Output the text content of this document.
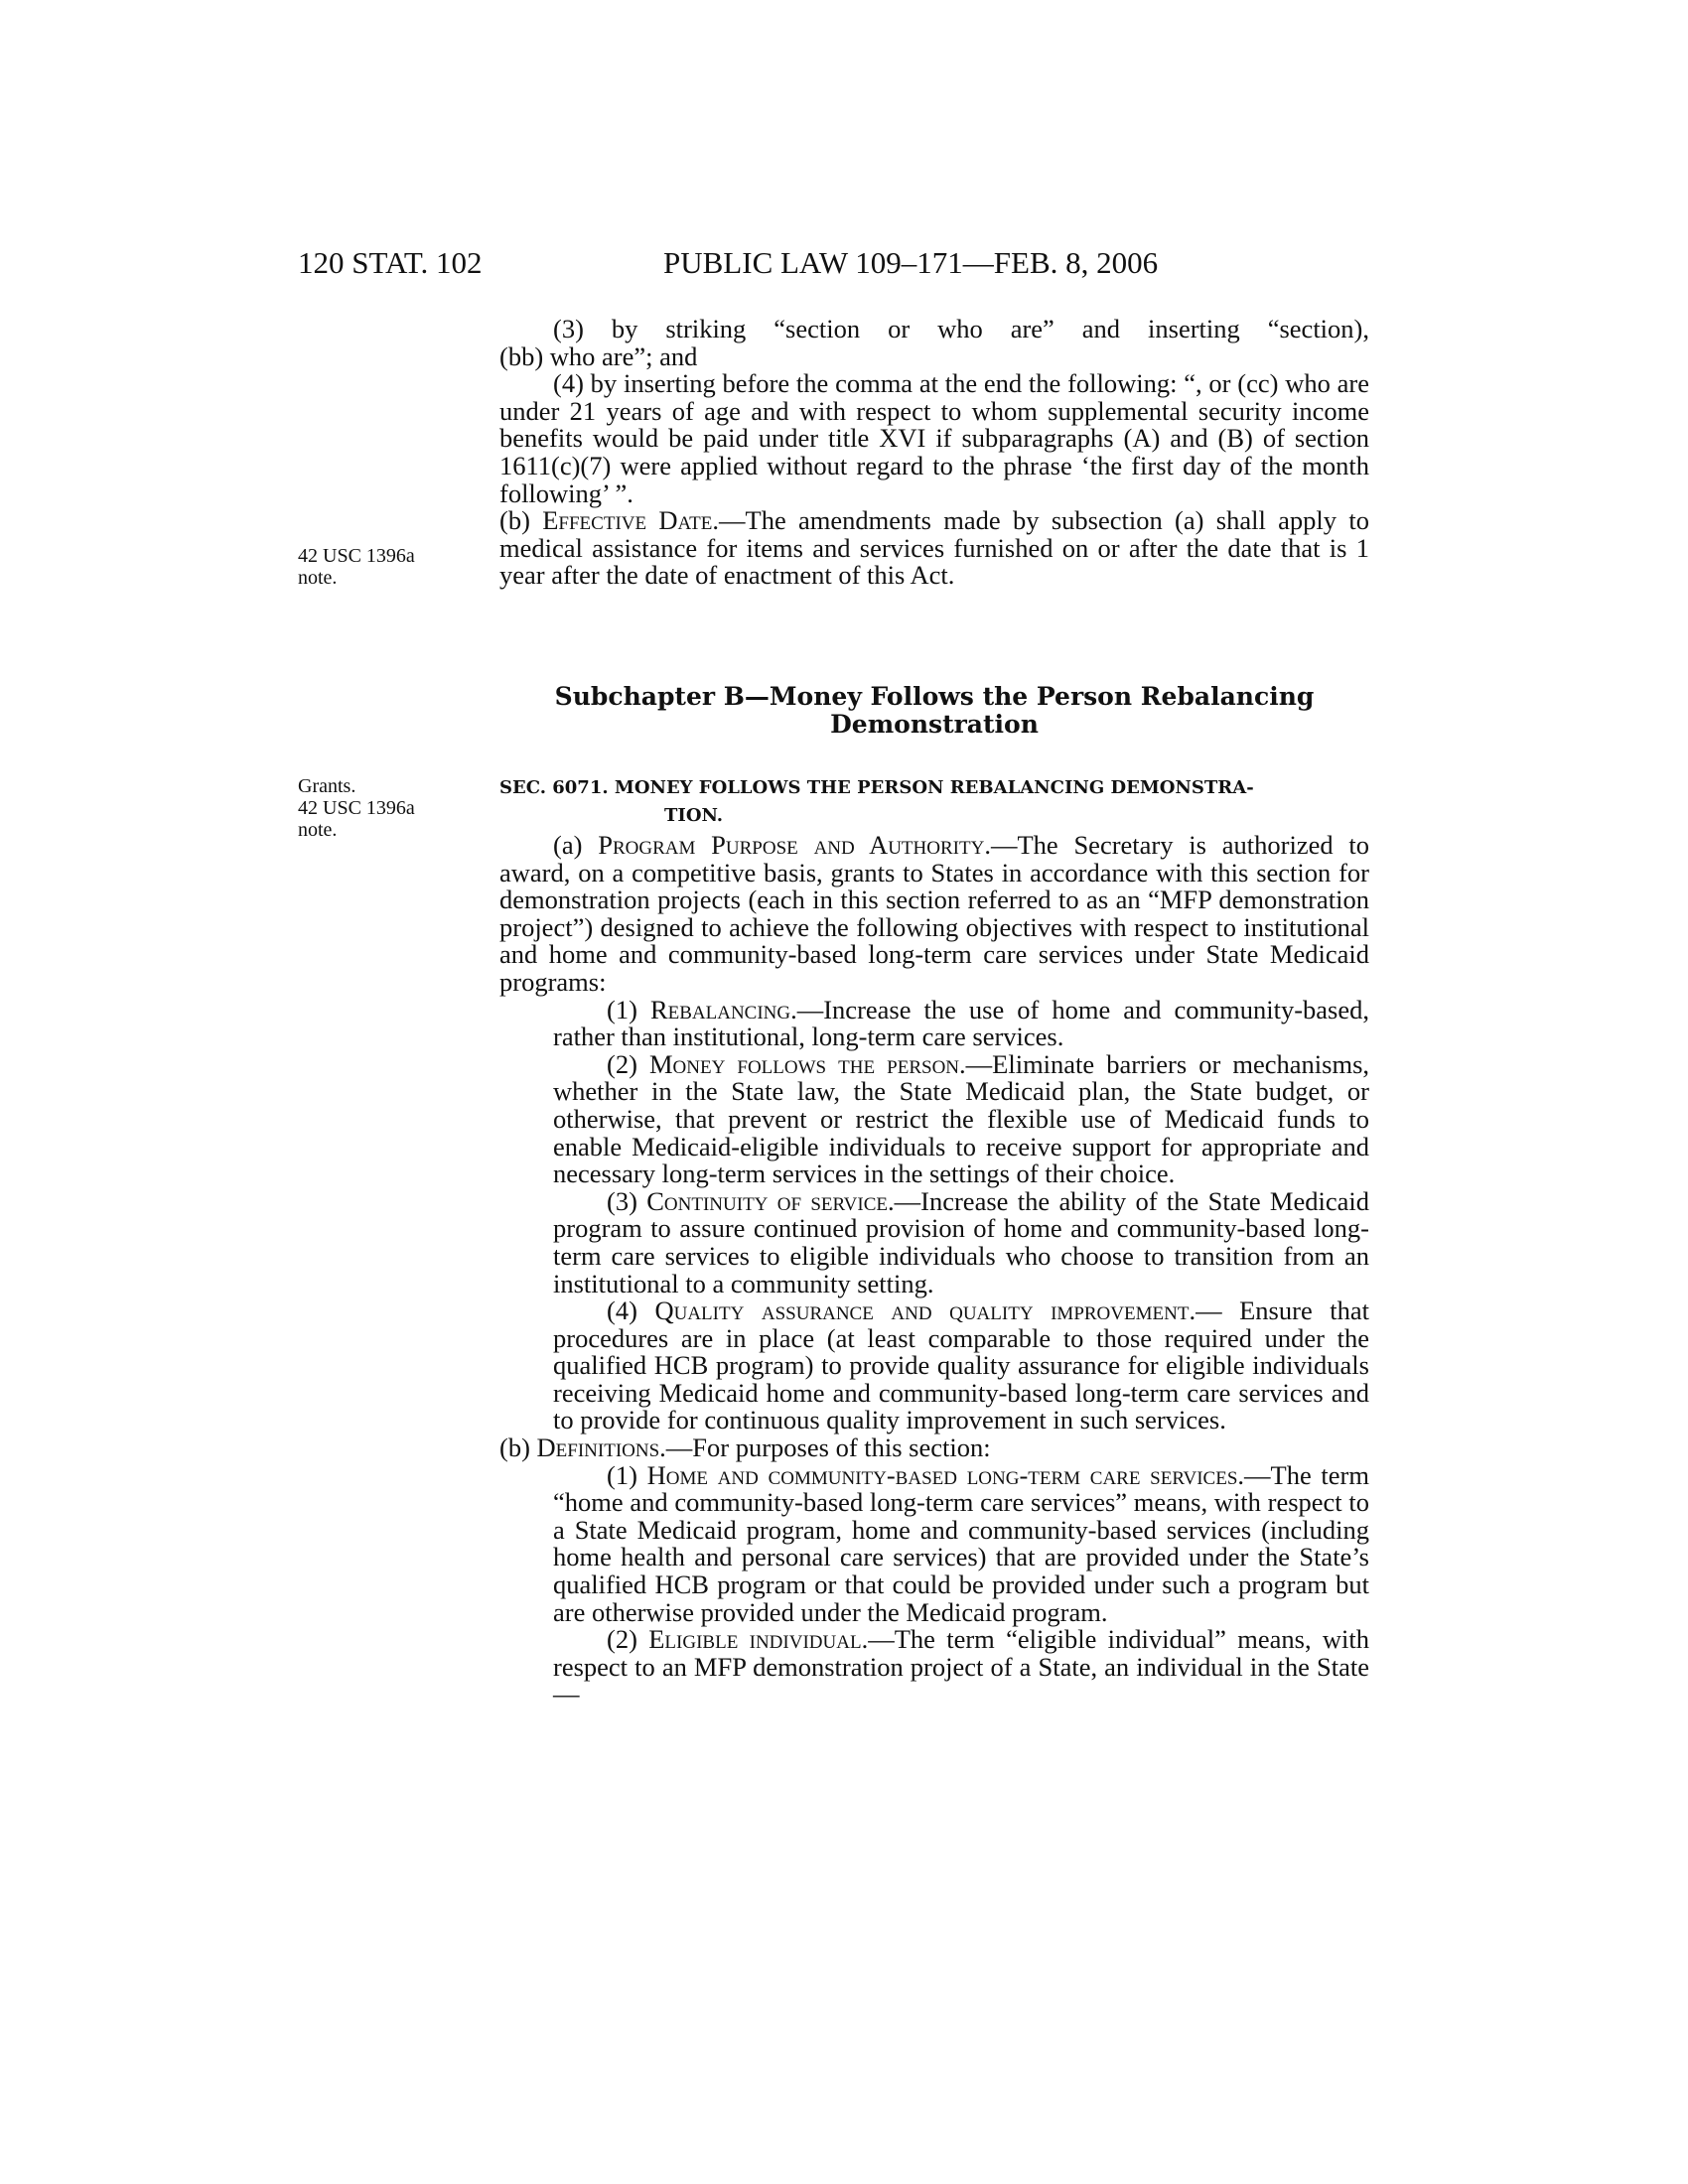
120 STAT. 102	PUBLIC LAW 109–171—FEB. 8, 2006
42 USC 1396a
note.
Grants.
42 USC 1396a
note.

(3) by striking “section or who are” and inserting “section),

(bb) who are”; and

(4) by inserting before the comma at the end the following: “, or (cc) who are under 21 years of age and with respect to whom supplemental security income benefits would be paid under title XVI if subparagraphs (A) and (B) of section 1611(c)(7) were applied without regard to the phrase ‘the first day of the month following’ ”.

(b) Effective Date.—The amendments made by subsection (a) shall apply to medical assistance for items and services furnished on or after the date that is 1 year after the date of enactment of this Act.

Subchapter B—Money Follows the Person Rebalancing
Demonstration
SEC. 6071. MONEY FOLLOWS THE PERSON REBALANCING DEMONSTRA-
TION.

(a) Program Purpose and Authority.—The Secretary is authorized to award, on a competitive basis, grants to States in accordance with this section for demonstration projects (each in this section referred to as an “MFP demonstration project”) designed to achieve the following objectives with respect to institutional and home and community-based long-term care services under State Medicaid programs:

(1) Rebalancing.—Increase the use of home and community-based, rather than institutional, long-term care services.

(2) Money follows the person.—Eliminate barriers or mechanisms, whether in the State law, the State Medicaid plan, the State budget, or otherwise, that prevent or restrict the flexible use of Medicaid funds to enable Medicaid-eligible individuals to receive support for appropriate and necessary long-term services in the settings of their choice.

(3) Continuity of service.—Increase the ability of the State Medicaid program to assure continued provision of home and community-based long-term care services to eligible individuals who choose to transition from an institutional to a community setting.

(4) Quality assurance and quality improvement.— Ensure that procedures are in place (at least comparable to those required under the qualified HCB program) to provide quality assurance for eligible individuals receiving Medicaid home and community-based long-term care services and to provide for continuous quality improvement in such services.

(b) Definitions.—For purposes of this section:

(1) Home and community-based long-term care services.—The term “home and community-based long-term care services” means, with respect to a State Medicaid program, home and community-based services (including home health and personal care services) that are provided under the State’s qualified HCB program or that could be provided under such a program but are otherwise provided under the Medicaid program.

(2) Eligible individual.—The term “eligible individual” means, with respect to an MFP demonstration project of a State, an individual in the State—
